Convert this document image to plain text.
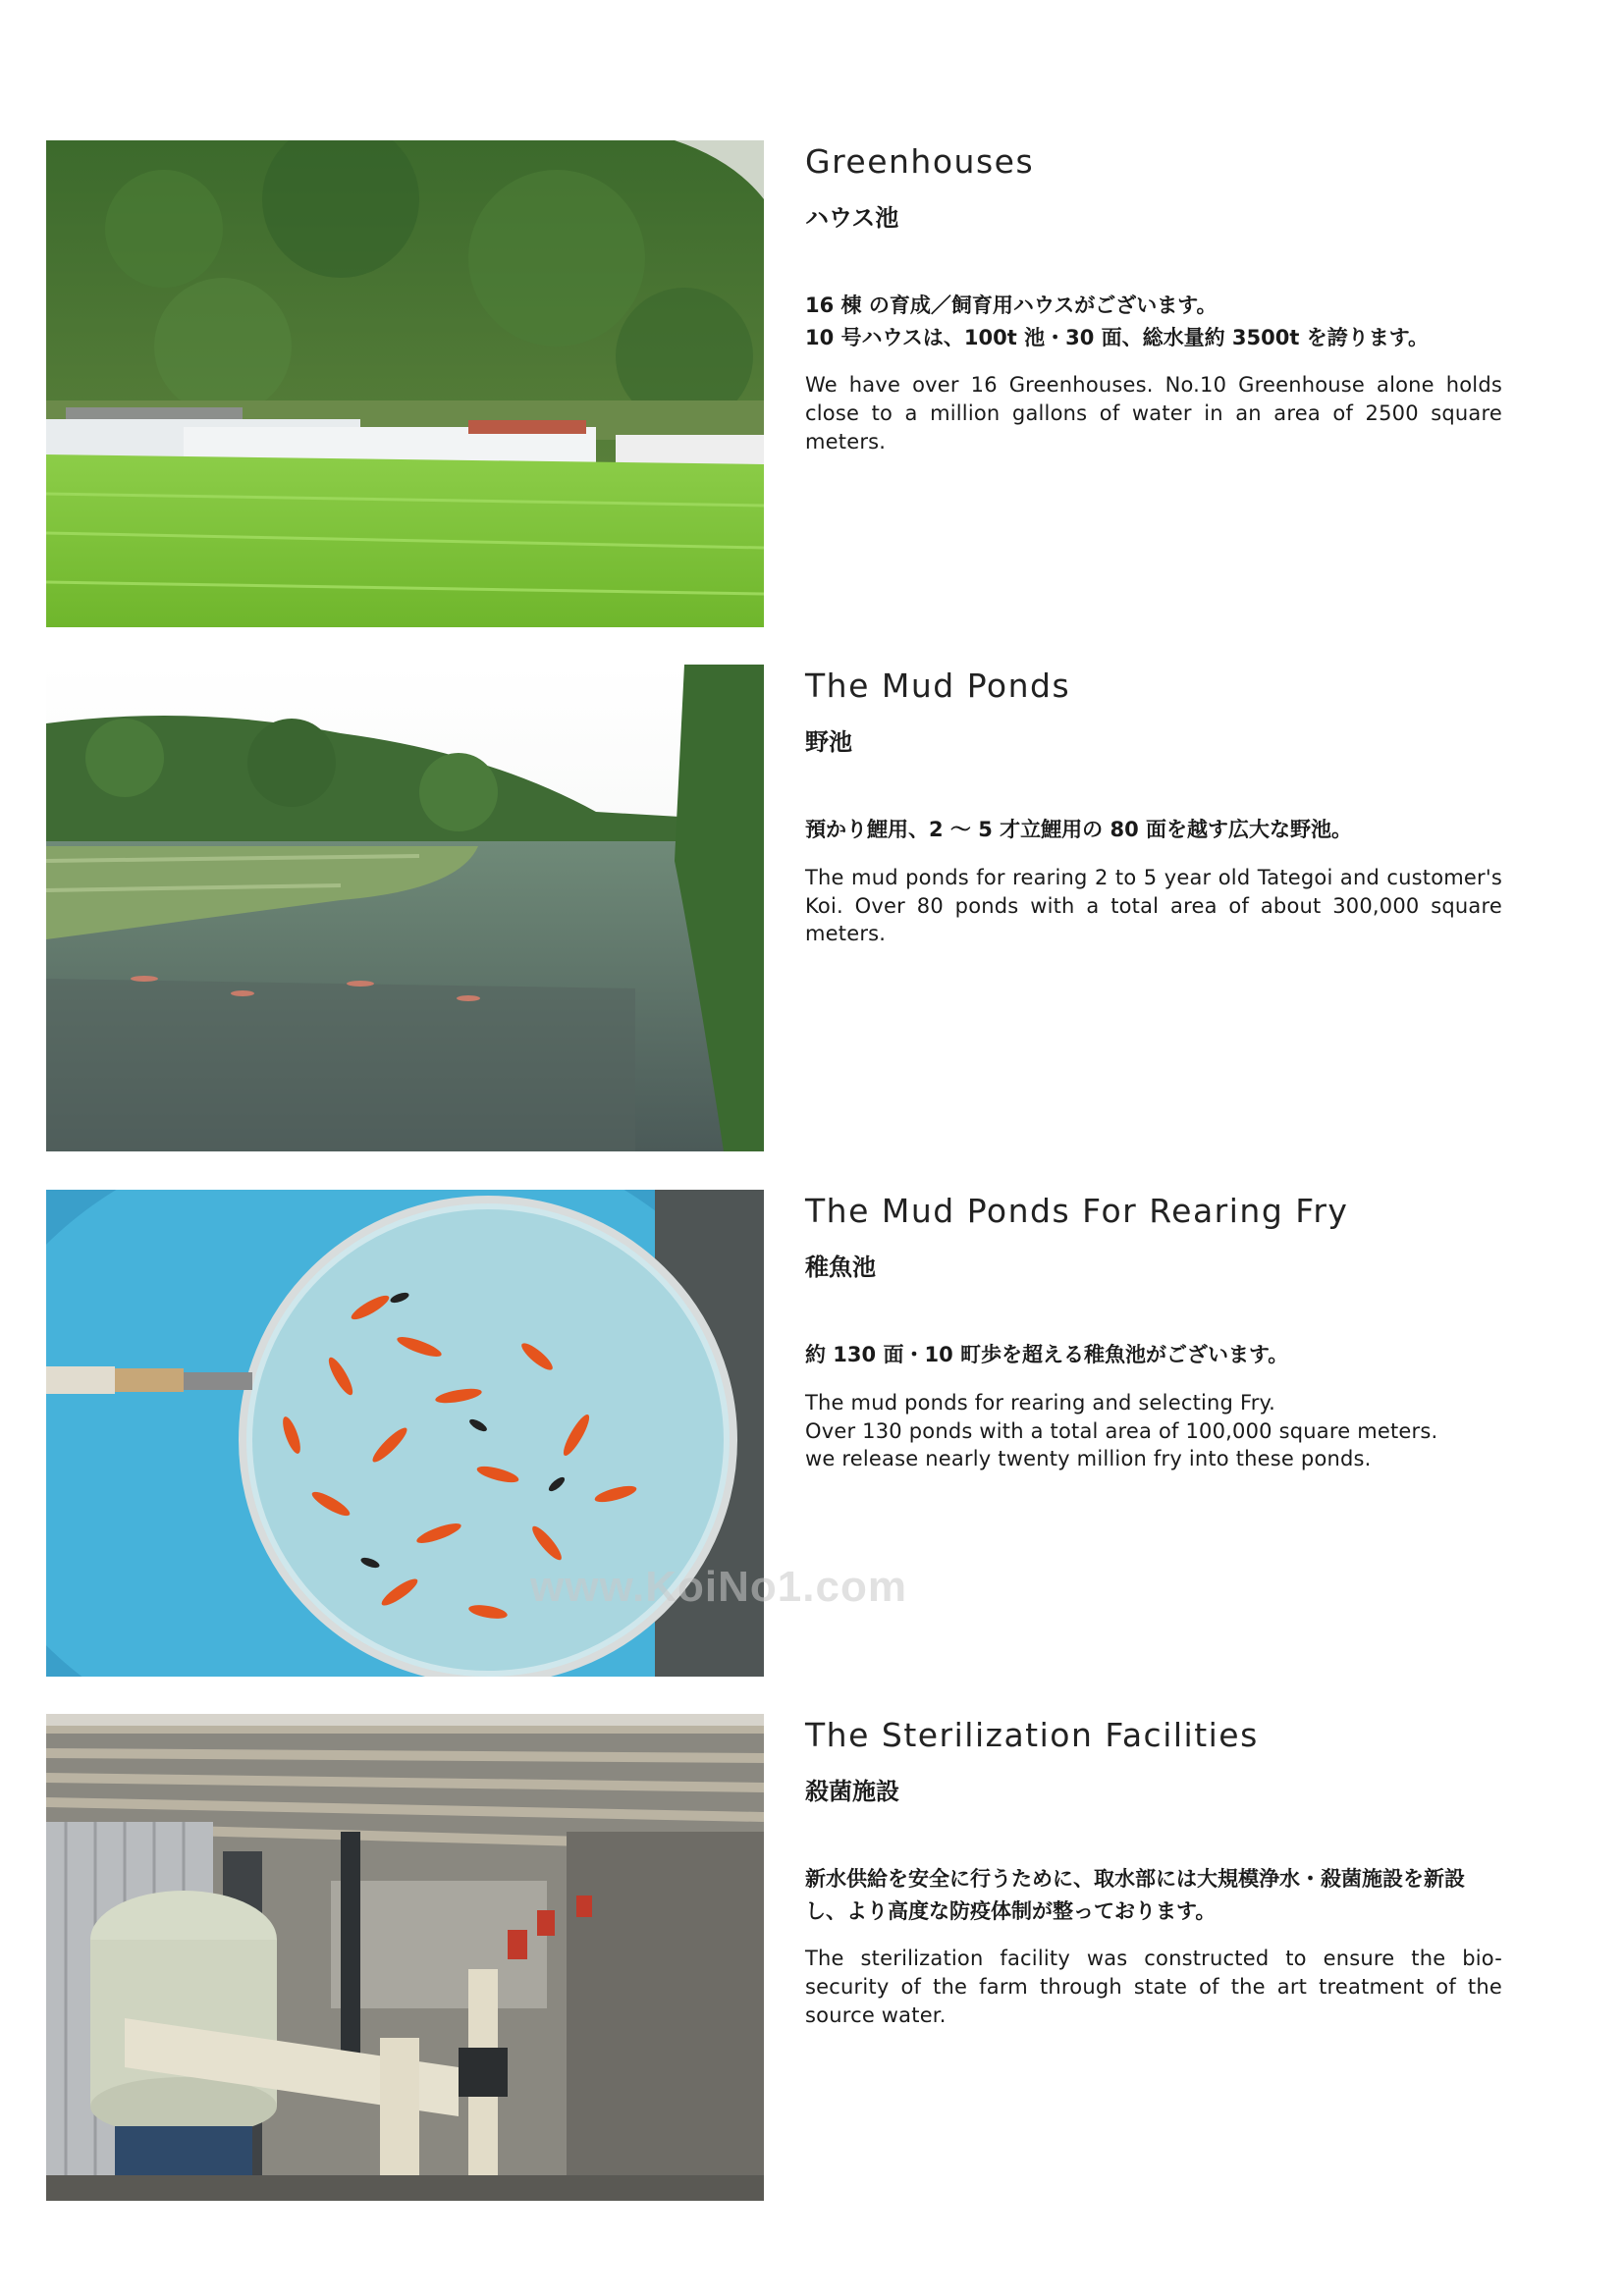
Greenhouses
ハウス池
16 棟 の育成／飼育用ハウスがございます。
10 号ハウスは、100t 池・30 面、総水量約 3500t を誇ります。
We have over 16 Greenhouses. No.10 Greenhouse alone holds close to a million gallons of water in an area of 2500 square meters.
The Mud Ponds
野池
預かり鯉用、2 ～ 5 才立鯉用の 80 面を越す広大な野池。
The mud ponds for rearing 2 to 5 year old Tategoi and customer's Koi. Over 80 ponds with a total area of about 300,000 square meters.
The Mud Ponds For Rearing Fry
稚魚池
約 130 面・10 町歩を超える稚魚池がございます。
The mud ponds for rearing and selecting Fry.
Over 130 ponds with a total area of 100,000 square meters.
we release nearly twenty million fry into these ponds.
The Sterilization Facilities
殺菌施設
新水供給を安全に行うために、取水部には大規模浄水・殺菌施設を新設し、より高度な防疫体制が整っております。
The sterilization facility was constructed to ensure the bio-security of the farm through state of the art treatment of the source water.
www.KoiNo1.com
